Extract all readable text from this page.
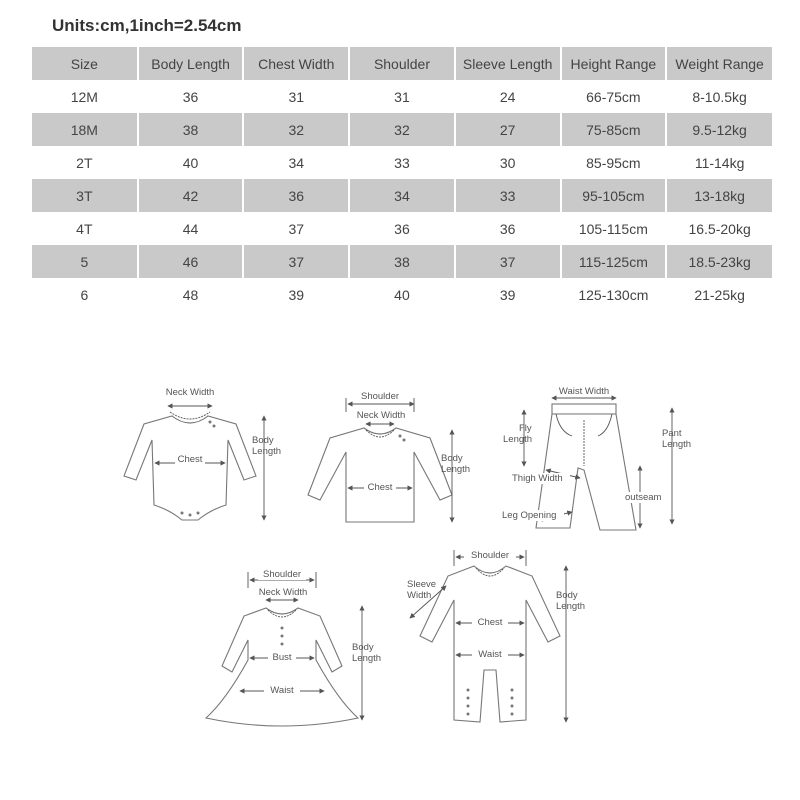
Units:cm,1inch=2.54cm
Size	Body Length	Chest Width	Shoulder	Sleeve Length	Height Range	Weight Range
12M	36	31	31	24	66-75cm	8-10.5kg
18M	38	32	32	27	75-85cm	9.5-12kg
2T	40	34	33	30	85-95cm	11-14kg
3T	42	36	34	33	95-105cm	13-18kg
4T	44	37	36	36	105-115cm	16.5-20kg
5	46	37	38	37	115-125cm	18.5-23kg
6	48	39	40	39	125-130cm	21-25kg
Neck Width
Chest
Body
Length
Shoulder
Neck Width
Chest
Body
Length
Waist Width
Fly
Length
Pant
Length
Thigh Width
outseam
Leg Opening
Shoulder
Neck Width
Bust
Waist
Body
Length
Shoulder
Sleeve
Width
Chest
Waist
Body
Length
